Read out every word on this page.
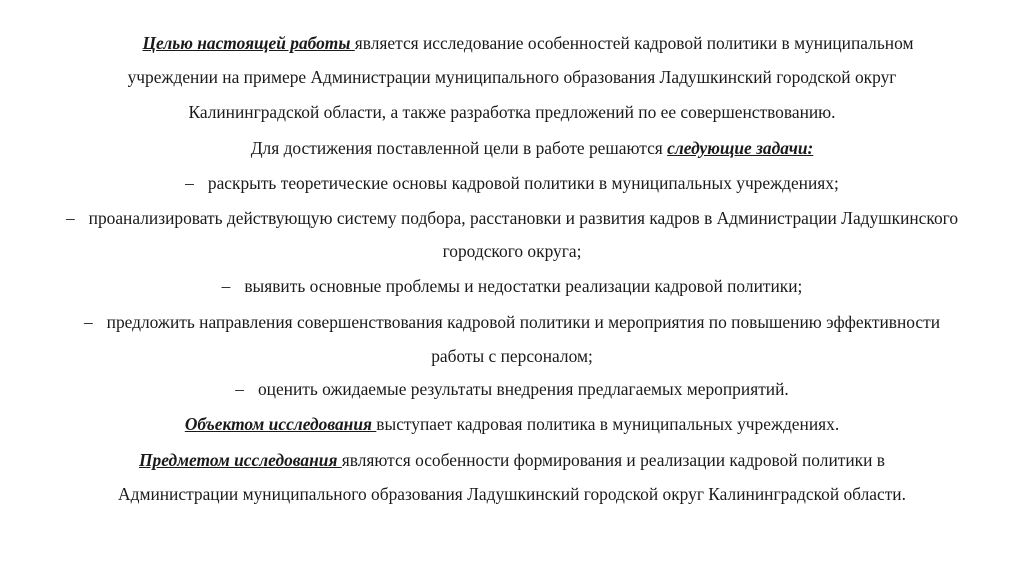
Целью настоящей работы является исследование особенностей кадровой политики в муниципальном
учреждении на примере Администрации муниципального образования Ладушкинский городской округ
Калининградской области, а также разработка предложений по ее совершенствованию.
Для достижения поставленной цели в работе решаются следующие задачи:
– раскрыть теоретические основы кадровой политики в муниципальных учреждениях;
– проанализировать действующую систему подбора, расстановки и развития кадров в Администрации Ладушкинского
городского округа;
– выявить основные проблемы и недостатки реализации кадровой политики;
– предложить направления совершенствования кадровой политики и мероприятия по повышению эффективности
работы с персоналом;
– оценить ожидаемые результаты внедрения предлагаемых мероприятий.
Объектом исследования выступает кадровая политика в муниципальных учреждениях.
Предметом исследования являются особенности формирования и реализации кадровой политики в
Администрации муниципального образования Ладушкинский городской округ Калининградской области.
